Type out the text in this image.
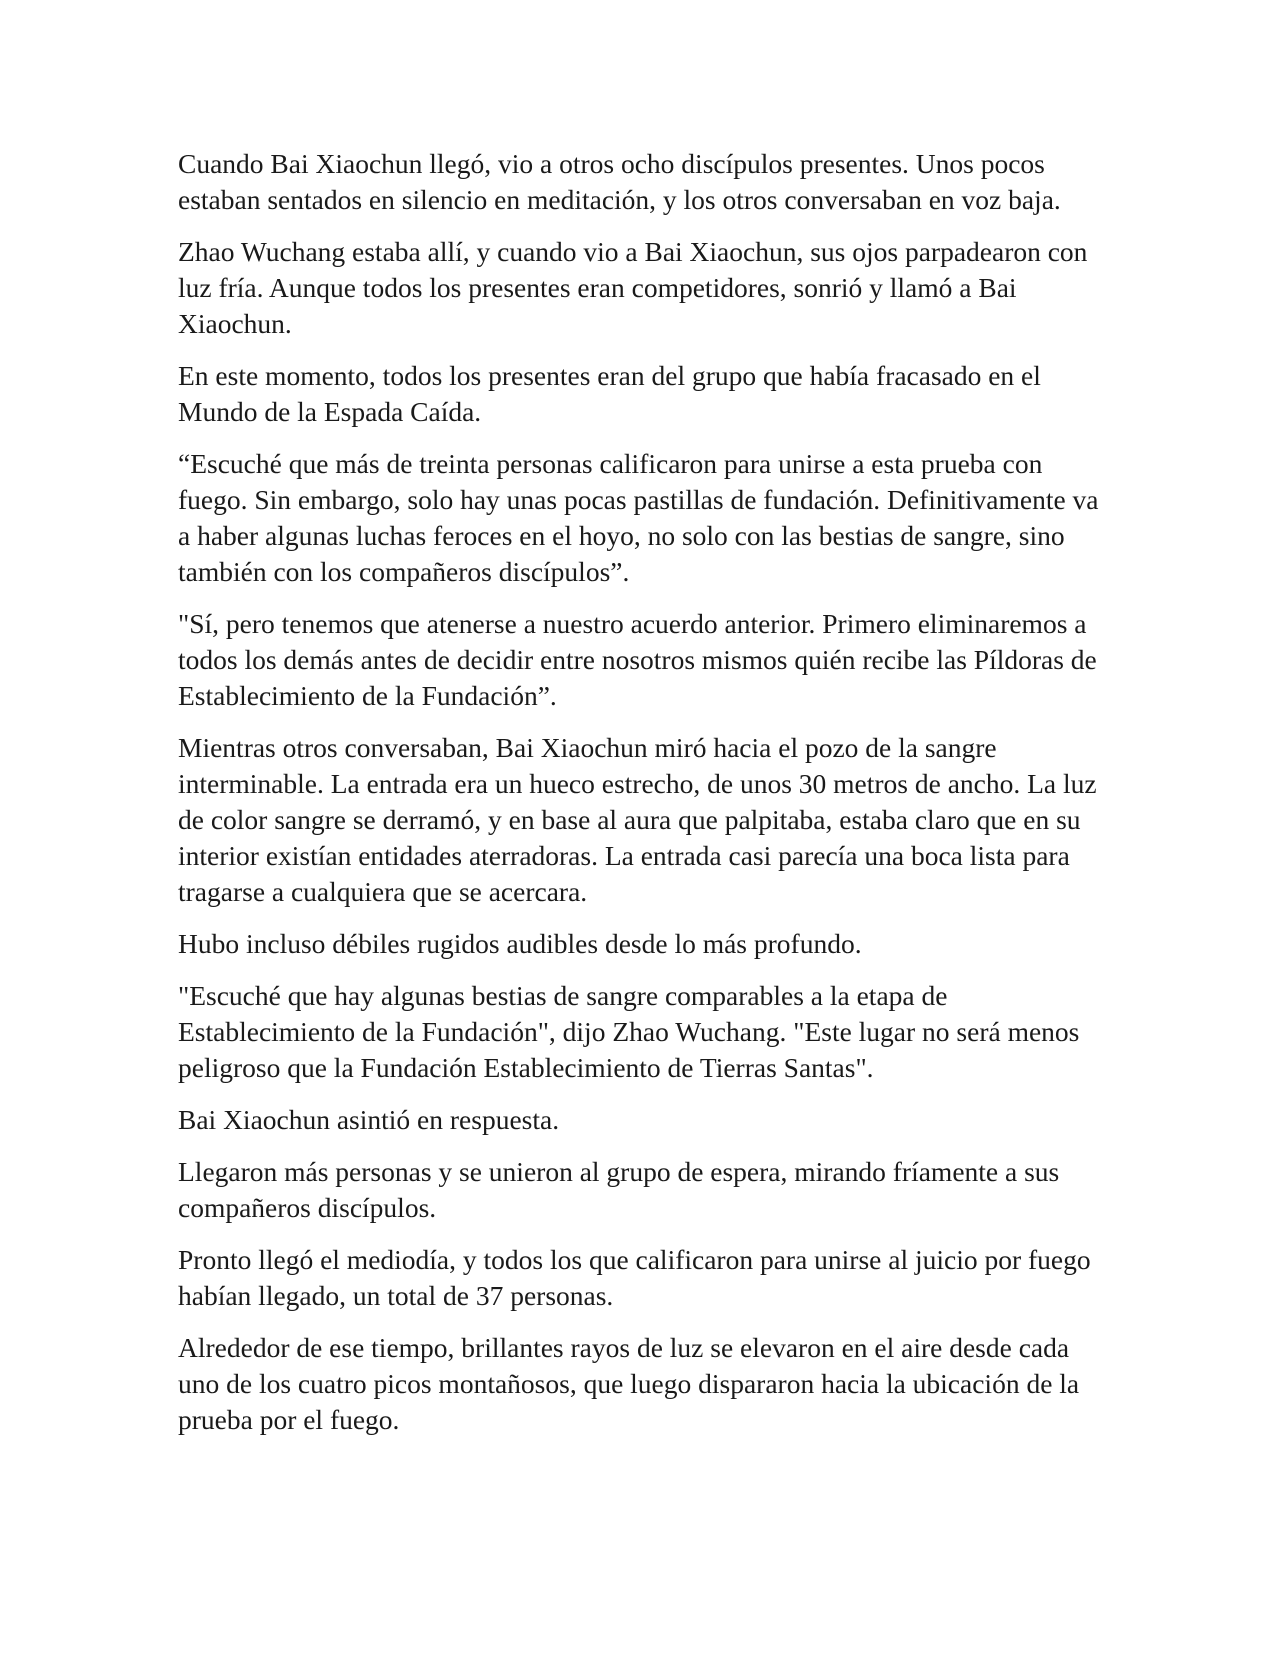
Cuando Bai Xiaochun llegó, vio a otros ocho discípulos presentes. Unos pocos estaban sentados en silencio en meditación, y los otros conversaban en voz baja.

Zhao Wuchang estaba allí, y cuando vio a Bai Xiaochun, sus ojos parpadearon con luz fría. Aunque todos los presentes eran competidores, sonrió y llamó a Bai Xiaochun.

En este momento, todos los presentes eran del grupo que había fracasado en el Mundo de la Espada Caída.

“Escuché que más de treinta personas calificaron para unirse a esta prueba con fuego. Sin embargo, solo hay unas pocas pastillas de fundación. Definitivamente va a haber algunas luchas feroces en el hoyo, no solo con las bestias de sangre, sino también con los compañeros discípulos”.

"Sí, pero tenemos que atenerse a nuestro acuerdo anterior. Primero eliminaremos a todos los demás antes de decidir entre nosotros mismos quién recibe las Píldoras de Establecimiento de la Fundación”.

Mientras otros conversaban, Bai Xiaochun miró hacia el pozo de la sangre interminable. La entrada era un hueco estrecho, de unos 30 metros de ancho. La luz de color sangre se derramó, y en base al aura que palpitaba, estaba claro que en su interior existían entidades aterradoras. La entrada casi parecía una boca lista para tragarse a cualquiera que se acercara.

Hubo incluso débiles rugidos audibles desde lo más profundo.

"Escuché que hay algunas bestias de sangre comparables a la etapa de Establecimiento de la Fundación", dijo Zhao Wuchang. "Este lugar no será menos peligroso que la Fundación Establecimiento de Tierras Santas".

Bai Xiaochun asintió en respuesta.

Llegaron más personas y se unieron al grupo de espera, mirando fríamente a sus compañeros discípulos.

Pronto llegó el mediodía, y todos los que calificaron para unirse al juicio por fuego habían llegado, un total de 37 personas.

Alrededor de ese tiempo, brillantes rayos de luz se elevaron en el aire desde cada uno de los cuatro picos montañosos, que luego dispararon hacia la ubicación de la prueba por el fuego.
